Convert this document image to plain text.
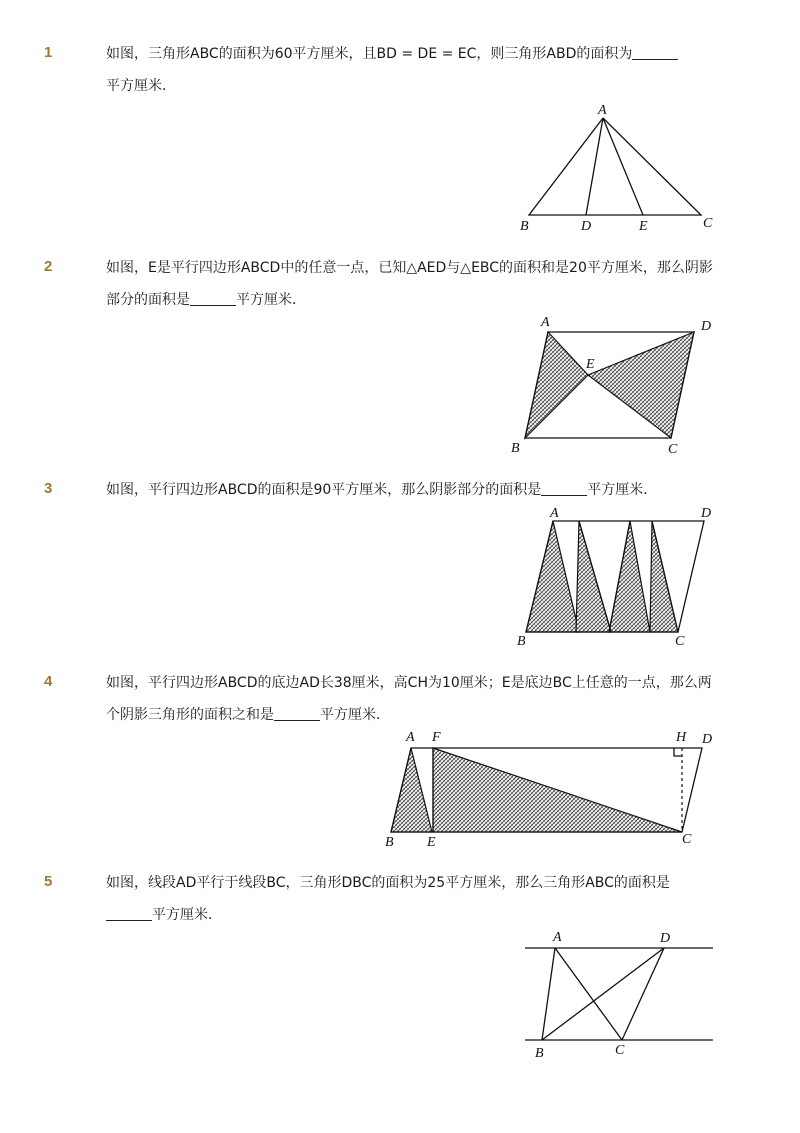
1	如图，三角形ABC的面积为60平方厘米，且BD = DE = EC，则三角形ABD的面积为
平方厘米．
A
B	D	E	C
2	如图，E是平行四边形ABCD中的任意一点，已知△AED与△EBC的面积和是20平方厘米，那么阴影
部分的面积是	平方厘米．
A	D
E
B	C
3	如图，平行四边形ABCD的面积是90平方厘米，那么阴影部分的面积是	平方厘米．
A	D
B	C
4	如图，平行四边形ABCD的底边AD长38厘米，高CH为10厘米；E是底边BC上任意的一点，那么两
个阴影三角形的面积之和是	平方厘米．
A F	H D
B E	C
5	如图，线段AD平行于线段BC，三角形DBC的面积为25平方厘米，那么三角形ABC的面积是
平方厘米．
A	D
B	C
